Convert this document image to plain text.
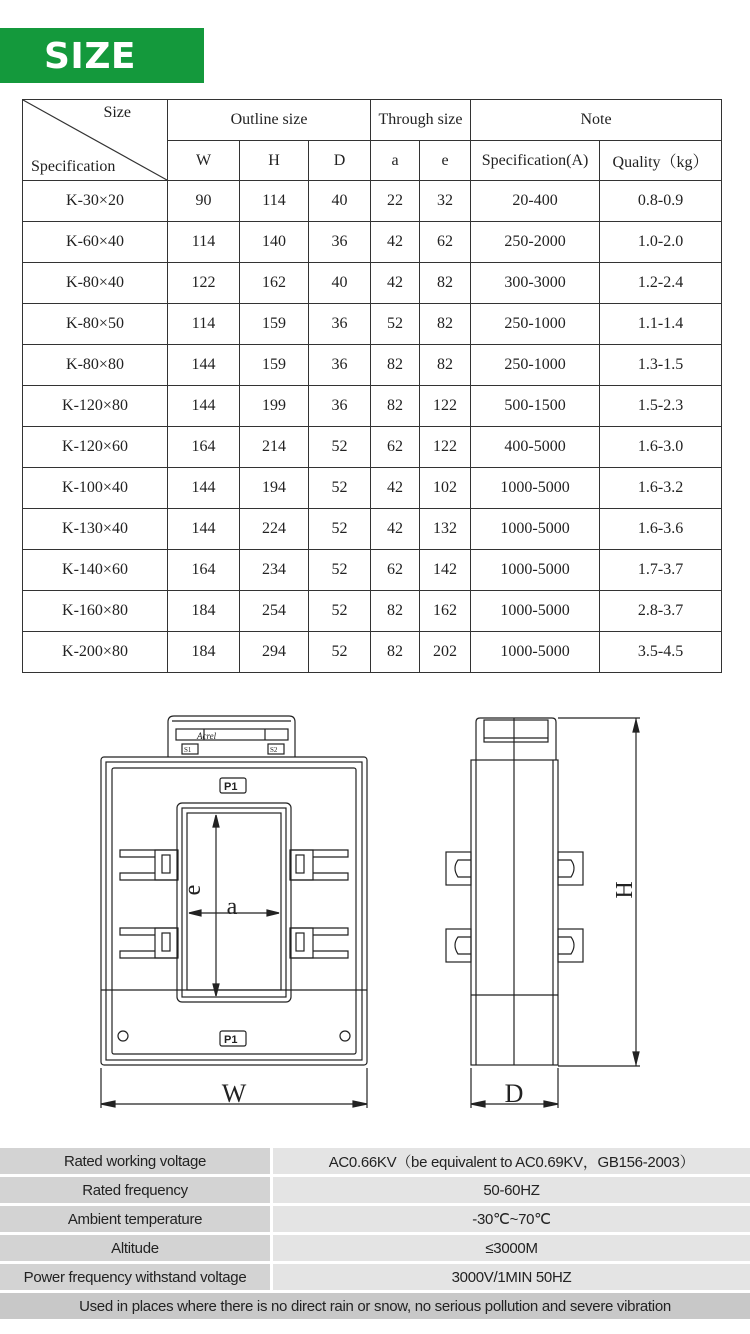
SIZE
Size
Specification	Outline size			Through size		Note	
	W	H	D	a	e	Specification(A)	Quality（kg）
K-30×20	90	114	40	22	32	20-400	0.8-0.9
K-60×40	114	140	36	42	62	250-2000	1.0-2.0
K-80×40	122	162	40	42	82	300-3000	1.2-2.4
K-80×50	114	159	36	52	82	250-1000	1.1-1.4
K-80×80	144	159	36	82	82	250-1000	1.3-1.5
K-120×80	144	199	36	82	122	500-1500	1.5-2.3
K-120×60	164	214	52	62	122	400-5000	1.6-3.0
K-100×40	144	194	52	42	102	1000-5000	1.6-3.2
K-130×40	144	224	52	42	132	1000-5000	1.6-3.6
K-140×60	164	234	52	62	142	1000-5000	1.7-3.7
K-160×80	184	254	52	82	162	1000-5000	2.8-3.7
K-200×80	184	294	52	82	202	1000-5000	3.5-4.5
Acrel
S1	S2
P1
P1
e
a
W
H
D
Rated working voltage	AC0.66KV（be equivalent to AC0.69KV，GB156-2003）
Rated frequency	50-60HZ
Ambient temperature	-30℃~70℃
Altitude	≤3000M
Power frequency withstand voltage	3000V/1MIN 50HZ
Used in places where there is no direct rain or snow, no serious pollution and severe vibration	
